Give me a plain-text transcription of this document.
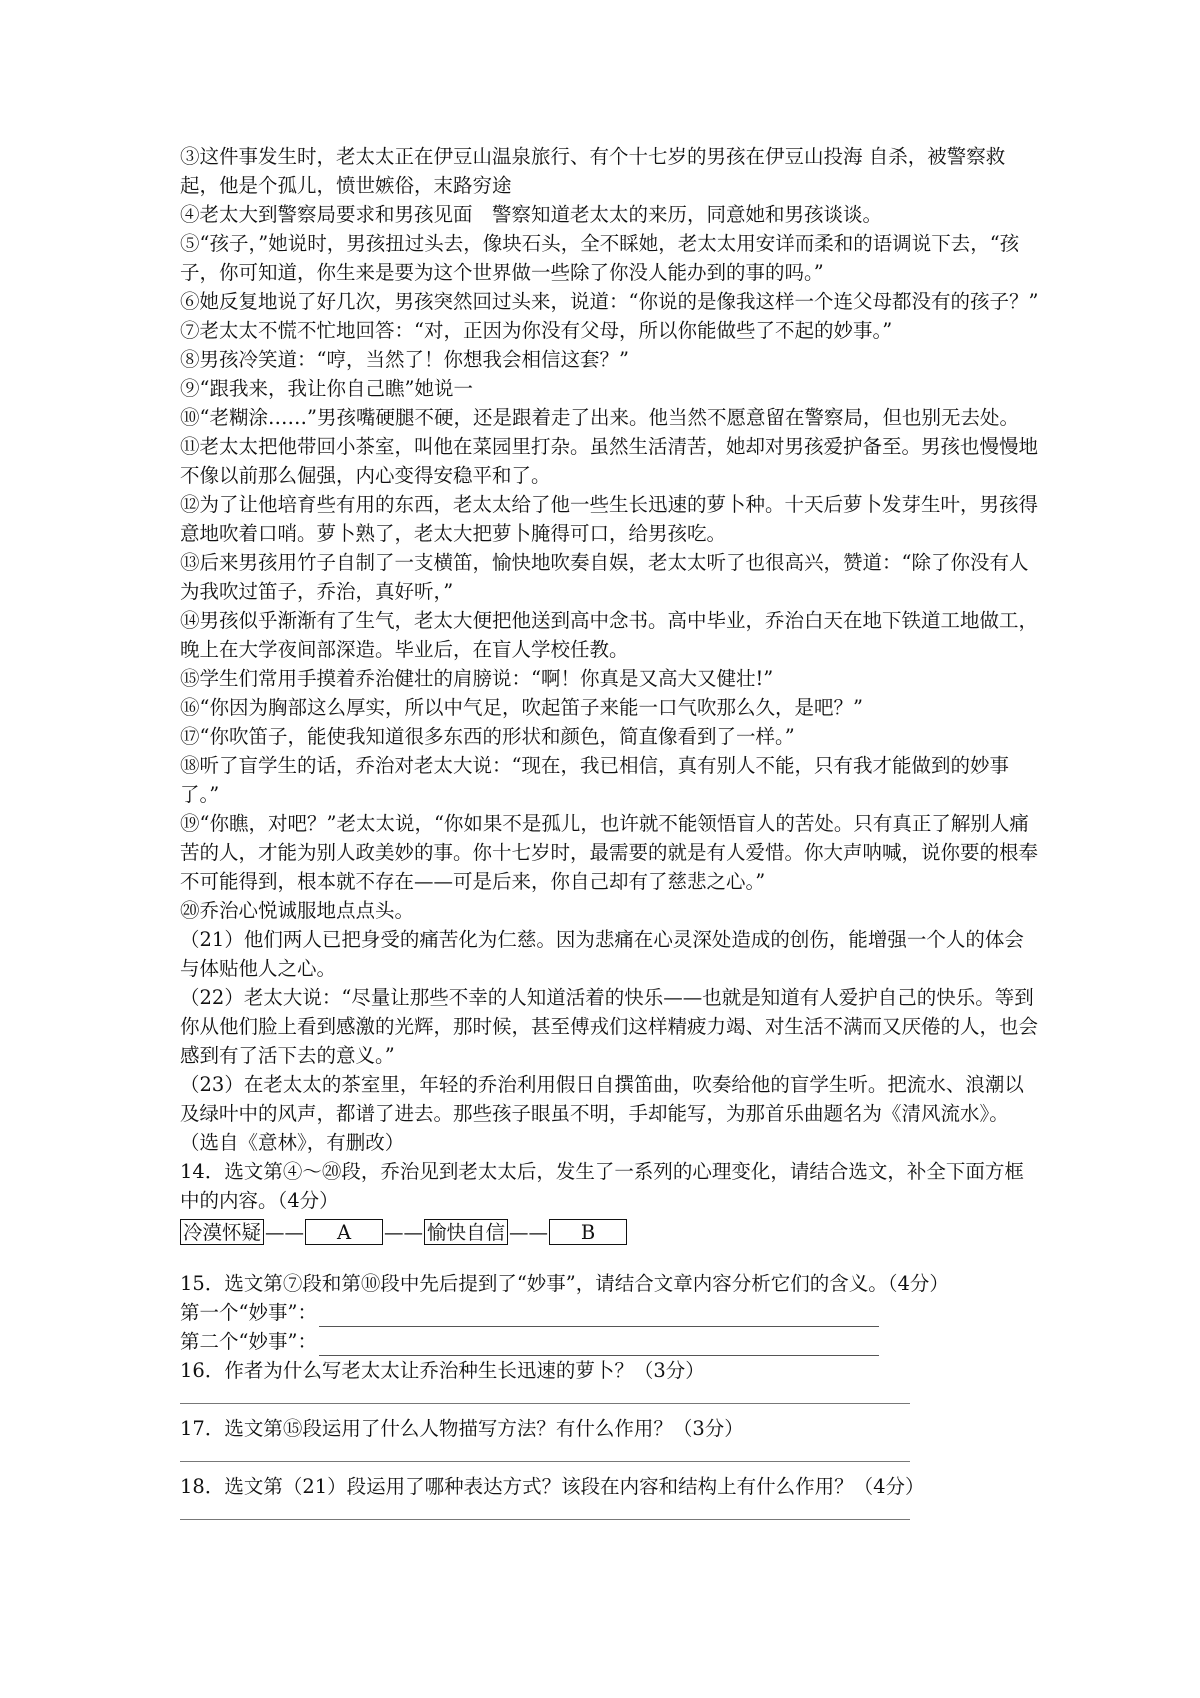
③这件事发生时，老太太正在伊豆山温泉旅行、有个十七岁的男孩在伊豆山投海 自杀，被警察救起，他是个孤儿，愤世嫉俗，末路穷途

④老太大到警察局要求和男孩见面　警察知道老太太的来历，同意她和男孩谈谈。

⑤“孩子，”她说时，男孩扭过头去，像块石头，全不睬她，老太太用安详而柔和的语调说下去，“孩子，你可知道，你生来是要为这个世界做一些除了你没人能办到的事的吗。”

⑥她反复地说了好几次，男孩突然回过头来，说道：“你说的是像我这样一个连父母都没有的孩子？”

⑦老太太不慌不忙地回答：“对，正因为你没有父母，所以你能做些了不起的妙事。”

⑧男孩冷笑道：“哼，当然了！你想我会相信这套？”

⑨“跟我来，我让你自己瞧”她说一

⑩“老糊涂……”男孩嘴硬腿不硬，还是跟着走了出来。他当然不愿意留在警察局，但也别无去处。

⑪老太太把他带回小茶室，叫他在菜园里打杂。虽然生活清苦，她却对男孩爱护备至。男孩也慢慢地不像以前那么倔强，内心变得安稳平和了。

⑫为了让他培育些有用的东西，老太太给了他一些生长迅速的萝卜种。十天后萝卜发芽生叶，男孩得意地吹着口哨。萝卜熟了，老太大把萝卜腌得可口，给男孩吃。

⑬后来男孩用竹子自制了一支横笛，愉快地吹奏自娱，老太太听了也很高兴，赞道：“除了你没有人为我吹过笛子，乔治，真好听，”

⑭男孩似乎渐渐有了生气，老太大便把他送到高中念书。高中毕业，乔治白天在地下铁道工地做工，晚上在大学夜间部深造。毕业后，在盲人学校任教。

⑮学生们常用手摸着乔治健壮的肩膀说：“啊！你真是又高大又健壮!”

⑯“你因为胸部这么厚实，所以中气足，吹起笛子来能一口气吹那么久，是吧？”

⑰“你吹笛子，能使我知道很多东西的形状和颜色，简直像看到了一样。”

⑱听了盲学生的话，乔治对老太大说：“现在，我已相信，真有别人不能，只有我才能做到的妙事了。”

⑲“你瞧，对吧？”老太太说，“你如果不是孤儿，也许就不能领悟盲人的苦处。只有真正了解别人痛苦的人，才能为别人政美妙的事。你十七岁时，最需要的就是有人爱惜。你大声呐喊，说你要的根奉不可能得到，根本就不存在——可是后来，你自己却有了慈悲之心。”

⑳乔治心悦诚服地点点头。

（21）他们两人已把身受的痛苦化为仁慈。因为悲痛在心灵深处造成的创伤，能增强一个人的体会与体贴他人之心。

（22）老太大说：“尽量让那些不幸的人知道活着的快乐——也就是知道有人爱护自己的快乐。等到你从他们脸上看到感激的光辉，那时候，甚至傅戎们这样精疲力竭、对生活不满而又厌倦的人，也会感到有了活下去的意义。”

（23）在老太太的茶室里，年轻的乔治利用假日自撰笛曲，吹奏给他的盲学生听。把流水、浪潮以及绿叶中的风声，都谱了进去。那些孩子眼虽不明，手却能写，为那首乐曲题名为《清风流水》。

（选自《意林》，有删改）

14．选文第④～⑳段，乔治见到老太太后，发生了一系列的心理变化，请结合选文，补全下面方框中的内容。（4分）

冷漠怀疑 ——	A	—— 愉快自信 ——	B

15．选文第⑦段和第⑩段中先后提到了“妙事”，请结合文章内容分析它们的含义。（4分）

第一个“妙事”：
第二个“妙事”：

16．作者为什么写老太太让乔治种生长迅速的萝卜？（3分）

17．选文第⑮段运用了什么人物描写方法？有什么作用？（3分）

18．选文第（21）段运用了哪种表达方式？该段在内容和结构上有什么作用？（4分）
